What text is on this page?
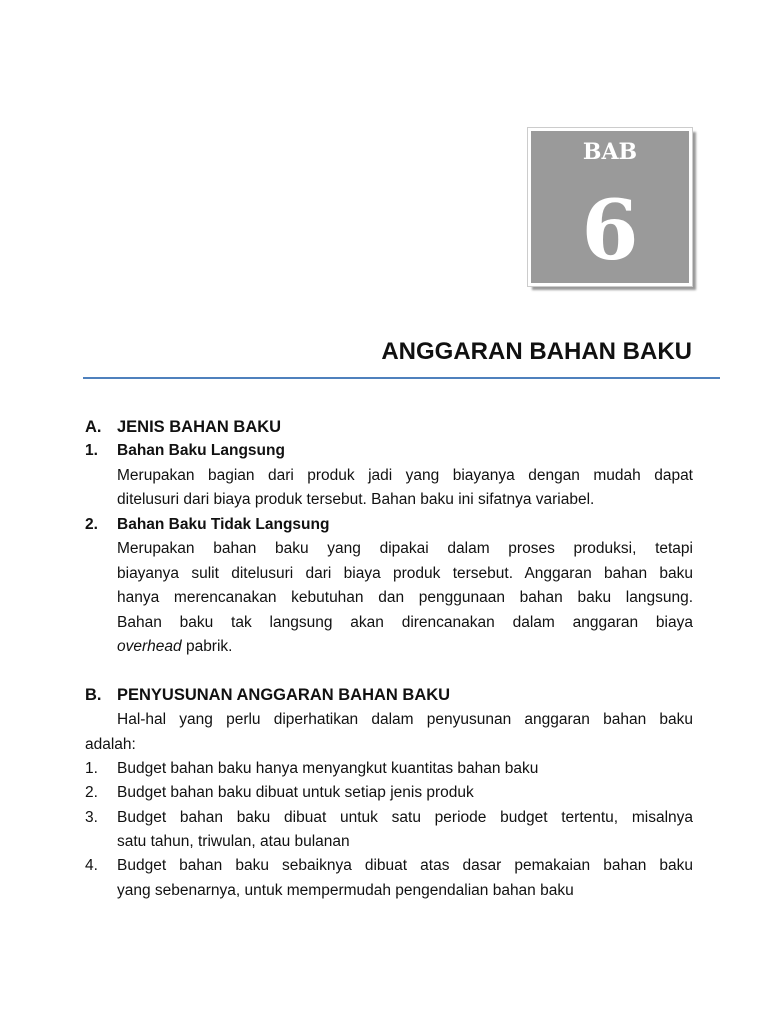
BAB
6
ANGGARAN BAHAN BAKU
A. JENIS BAHAN BAKU
1. Bahan Baku Langsung
Merupakan bagian dari produk jadi yang biayanya dengan mudah dapat
ditelusuri dari biaya produk tersebut. Bahan baku ini sifatnya variabel.
2. Bahan Baku Tidak Langsung
Merupakan bahan baku yang dipakai dalam proses produksi, tetapi
biayanya sulit ditelusuri dari biaya produk tersebut. Anggaran bahan baku
hanya merencanakan kebutuhan dan penggunaan bahan baku langsung.
Bahan baku tak langsung akan direncanakan dalam anggaran biaya
overhead pabrik.
B. PENYUSUNAN ANGGARAN BAHAN BAKU
Hal-hal yang perlu diperhatikan dalam penyusunan anggaran bahan baku
adalah:
1. Budget bahan baku hanya menyangkut kuantitas bahan baku
2. Budget bahan baku dibuat untuk setiap jenis produk
3. Budget bahan baku dibuat untuk satu periode budget tertentu, misalnya
satu tahun, triwulan, atau bulanan
4. Budget bahan baku sebaiknya dibuat atas dasar pemakaian bahan baku
yang sebenarnya, untuk mempermudah pengendalian bahan baku
